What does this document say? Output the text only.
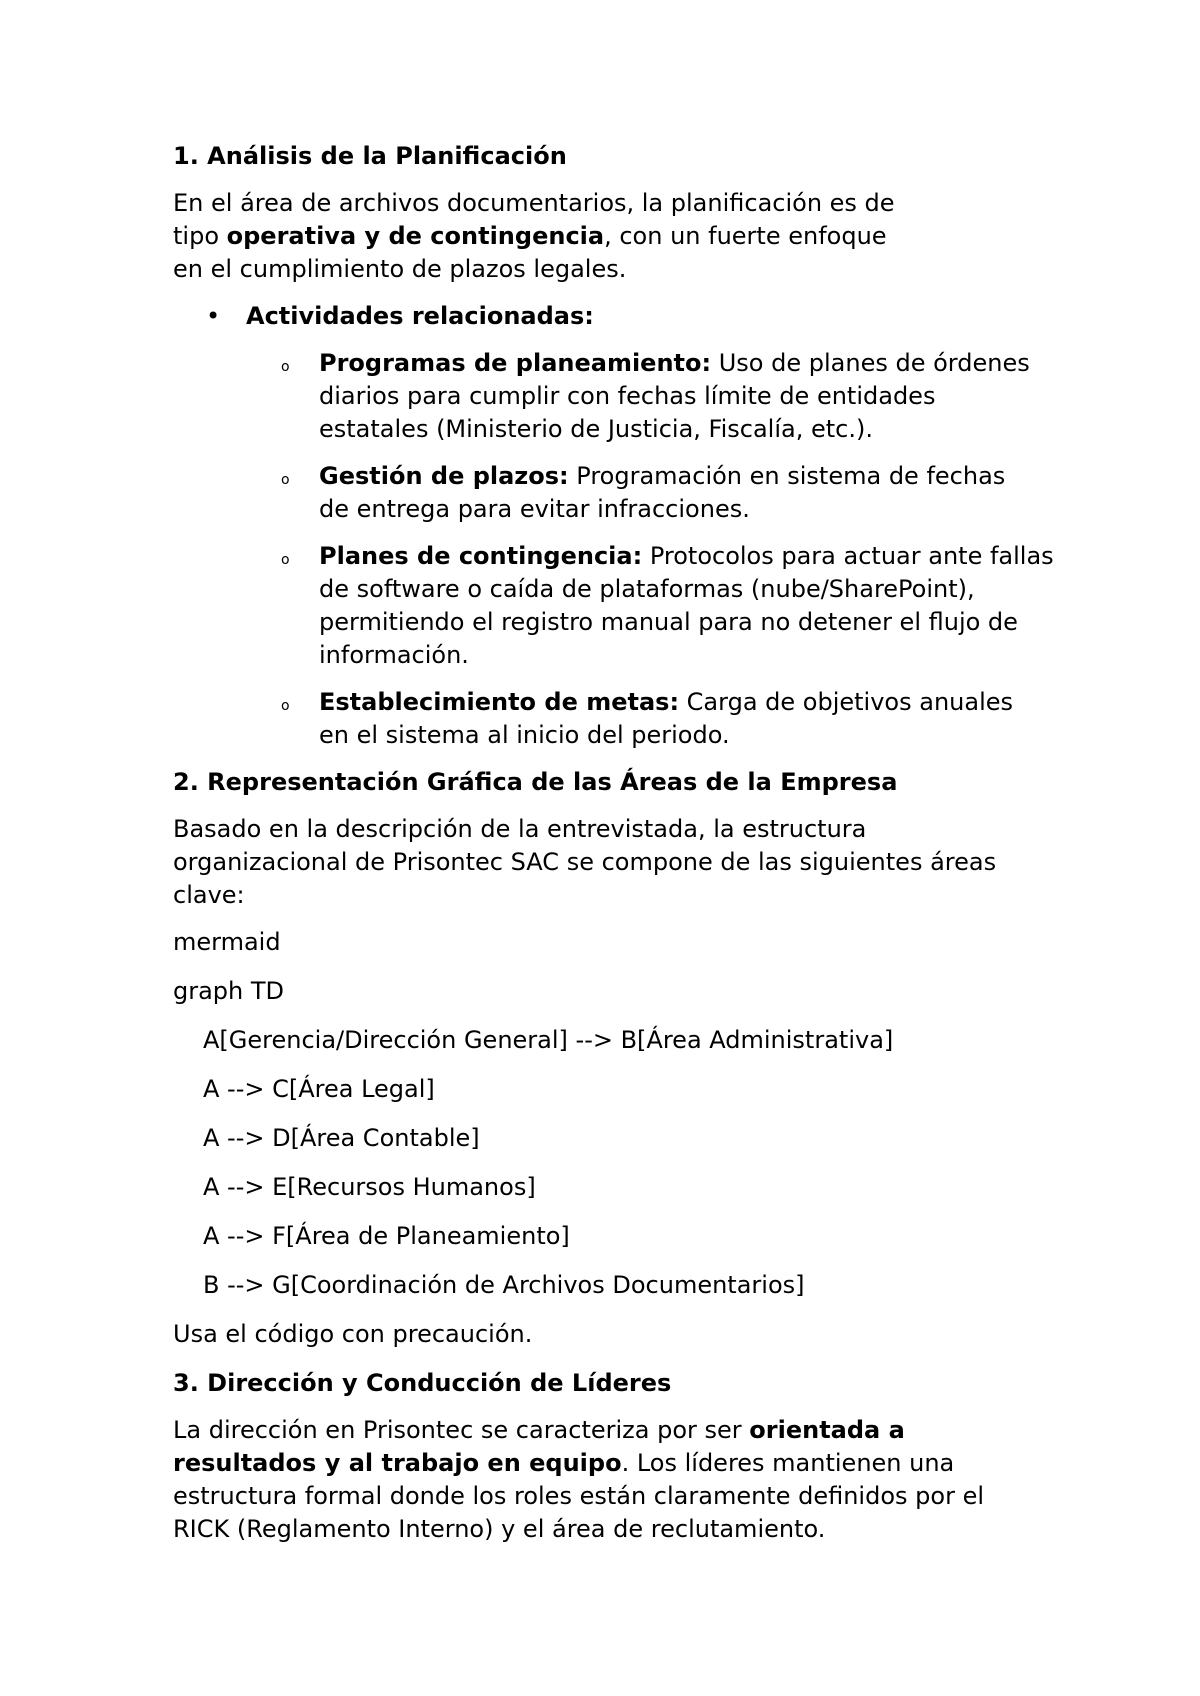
1. Análisis de la Planificación
En el área de archivos documentarios, la planificación es de tipo operativa y de contingencia, con un fuerte enfoque en el cumplimiento de plazos legales.
• Actividades relacionadas:
o Programas de planeamiento: Uso de planes de órdenes diarios para cumplir con fechas límite de entidades estatales (Ministerio de Justicia, Fiscalía, etc.).
o Gestión de plazos: Programación en sistema de fechas de entrega para evitar infracciones.
o Planes de contingencia: Protocolos para actuar ante fallas de software o caída de plataformas (nube/SharePoint), permitiendo el registro manual para no detener el flujo de información.
o Establecimiento de metas: Carga de objetivos anuales en el sistema al inicio del periodo.
2. Representación Gráfica de las Áreas de la Empresa
Basado en la descripción de la entrevistada, la estructura organizacional de Prisontec SAC se compone de las siguientes áreas clave:
mermaid
graph TD
A[Gerencia/Dirección General] --> B[Área Administrativa]
A --> C[Área Legal]
A --> D[Área Contable]
A --> E[Recursos Humanos]
A --> F[Área de Planeamiento]
B --> G[Coordinación de Archivos Documentarios]
Usa el código con precaución.
3. Dirección y Conducción de Líderes
La dirección en Prisontec se caracteriza por ser orientada a resultados y al trabajo en equipo. Los líderes mantienen una estructura formal donde los roles están claramente definidos por el RICK (Reglamento Interno) y el área de reclutamiento.
